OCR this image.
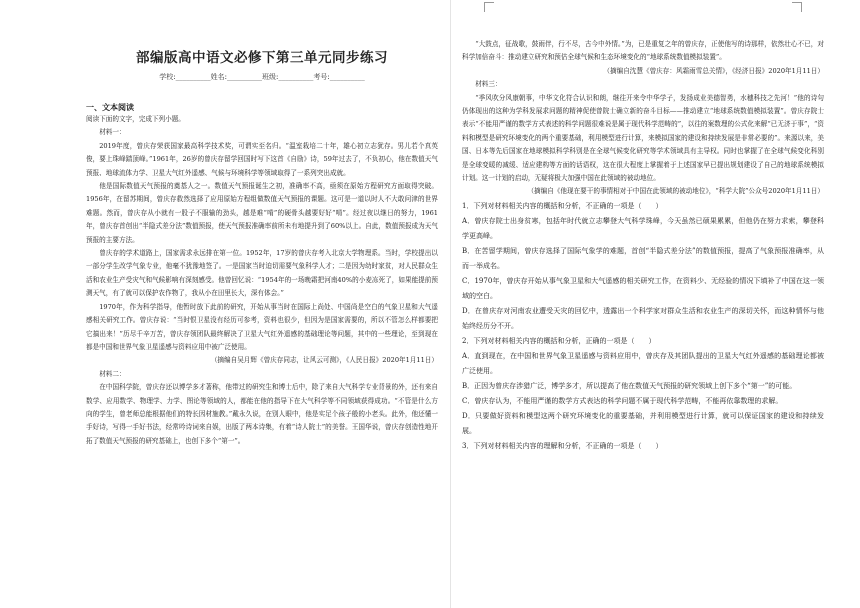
部编版高中语文必修下第三单元同步练习
学校:__________姓名:__________班级:__________考号:__________
一、文本阅读

阅读下面的文字，完成下列小题。

材料一：

2019年度，曾庆存荣获国家最高科学技术奖，可谓实至名归。“温室栽培二十年，雄心初立志犹存。男儿若个真英俊，要上珠峰踏顶峰。”1961年，26岁的曾庆存留学回国时写下这首《自励》诗，59年过去了，不负初心，他在数值天气预报、地球流体力学、卫星大气红外遥感、气候与环境科学等领域取得了一系列突出成就。

他是国际数值天气预报的奠基人之一。数值天气预报诞生之初，准确率不高，亟须在原始方程研究方面取得突破。1956年，在留苏期间，曾庆存救然选择了应用原始方程组做数值天气预报的课题。这可是一道以时人不大敢问津的世界难题。然而，曾庆存从小就有一股子不服输的劲头，越是难“啃”的硬骨头越要好好“啃”。经过夜以继日的努力，1961年，曾庆存首创出“半隐式差分法”数值预报，使天气预报准确率前所未有地提升到了60%以上。自此，数值预报成为天气预报的主要方法。

曾庆存的学术道路上，国家需求永远排在第一位。1952年，17岁的曾庆存考入北京大学物理系。当时，学校提出以一部分学生改学气象专业，他毫不犹豫地签了。一是国家当时迫切需要气象科学人才；二是因为幼时家贫，对人民群众生活和农业生产受灾气和气候影响有深刻感受。他曾回忆说：“1954年的一场晚霜把河南40%的小麦冻死了，如果能提前预测天气，有了就可以保护农作物了，我从小在田里长大，深有体会。”

1970年，作为科学指导，他暂时放下此前的研究，开始从事当时在国际上尚处、中国尚是空白的气象卫星和大气遥感相关研究工作。曾庆存说：“当时恨卫星没有经历可参考，资料也很少，但因为是国家需要的，所以不管怎么样都要把它搞出来！”历尽千辛万苦，曾庆存领团队最终解决了卫星大气红外遥感的基础理论等问题，其中的一些理论，至到现在都是中国和世界气象卫星遥感与资料应用中被广泛使用。

（摘编自吴月辉《曾庆存同志，让风云可测》，《人民日报》2020年1月11日）

材料二：

在中国科学院，曾庆存还以博学多才著称，他带过的研究生和博士后中，除了来自大气科学专业背景的外，还有来自数学、应用数学、物理学、力学、图论等领域的人，都能在他的指导下在大气科学等不同领域获得成功。“不管是什么方向的学生，曾老师总能根据他们的特长因材施教。”戴永久说，在别人眼中，他是实足个孩子般的小老头。此外，他还懂一手好诗，写得一手好书法，经常吟诗词来自娱，出版了两本诗集，有着“诗人院士”的美誉。王国华说，曾庆存创造性地开拓了数值天气预报的研究基础上，也创下多个“第一”。

“大鼓点，征战歌，鼓雨伴，行不尽，古今中外情。”为，已是重复之年的曾庆存，正使他写的诗那样，依然壮心不已，对科学加倍奋斗：推动建立研究和预估全球气候和生态环境变化的“地球系统数值模拟装置”。

（摘编自沈慧《曾庆存：风霜雨雪总关情》，《经济日报》2020年1月11日）

材料三：

“季风吹分风康朝事，中华文化符合认识和朗，继往开来令中华学子，发扬成业美德智勇，水穗科技之先河！”他的诗句仍体现出的这种为学科发展求问题的精神促使曾院士确立新的奋斗目标——推动建立“地球系统数值模拟装置”。曾庆存院士表示“不能用严谨的数学方式表述的科学问题很难说是属于现代科学范畴的”，以往的案数理的公式化来解“已无济于事”，“资料和模型是研究环境变化的两个重要基础，利用模型进行计算，来模拟国家的建设和持续发展是非常必要的”。来源以来，美国、日本等先后国家在地球模拟科学科别是在全球气候变化研究等学术领域具有主导权。同时也掌握了在全球气候变化科别是全球变暖的减缓、适应建构等方面的话语权，这在很大程度上掌握着于上述国家早已提出规划建设了自己的地球系统模拟计划。这一计划的启动，无疑将极大加强中国在此领域的被动地位。

（摘编自《他现在要干的事情相对于中国在此领域的被动地位》，“科学大院”公众号2020年1月11日）

1．下列对材料相关内容的概括和分析，不正确的一项是（　　）

A．曾庆存院士出身贫寒，包括年时代就立志攀登大气科学珠峰，今天虽然已硕果累累，但他仍在努力求索，攀登科学更高峰。

B．在苦留学期间，曾庆存选择了国际气象学的难题，首创“半隐式差分法”的数值预报，提高了气象预报准确率，从而一举成名。

C．1970年，曾庆存开始从事气象卫星和大气遥感的相关研究工作，在资料少、无经验的情况下填补了中国在这一领域的空白。

D．在曾庆存对河南农业遭受天灾的回忆中，透露出一个科学家对群众生活和农业生产的深切关怀，而这种情怀与他始终经历分不开。

2．下列对材料相关内容的概括和分析，正确的一项是（　　）

A．直到现在，在中国和世界气象卫星遥感与资料应用中，曾庆存及其团队提出的卫星大气红外遥感的基础理论都被广泛使用。

B．正因为曾庆存涉猎广泛，博学多才，所以提高了他在数值天气预报的研究领域上创下多个“第一”的可能。

C．曾庆存认为，不能用严谨的数学方式表达的科学问题不属于现代科学范畴，不能再依靠数理的求解。

D．只要做好资料和模型这两个研究环境变化的重要基础，并利用模型进行计算，就可以保证国家的建设和持续发展。

3．下列对材料相关内容的理解和分析，不正确的一项是（　　）
